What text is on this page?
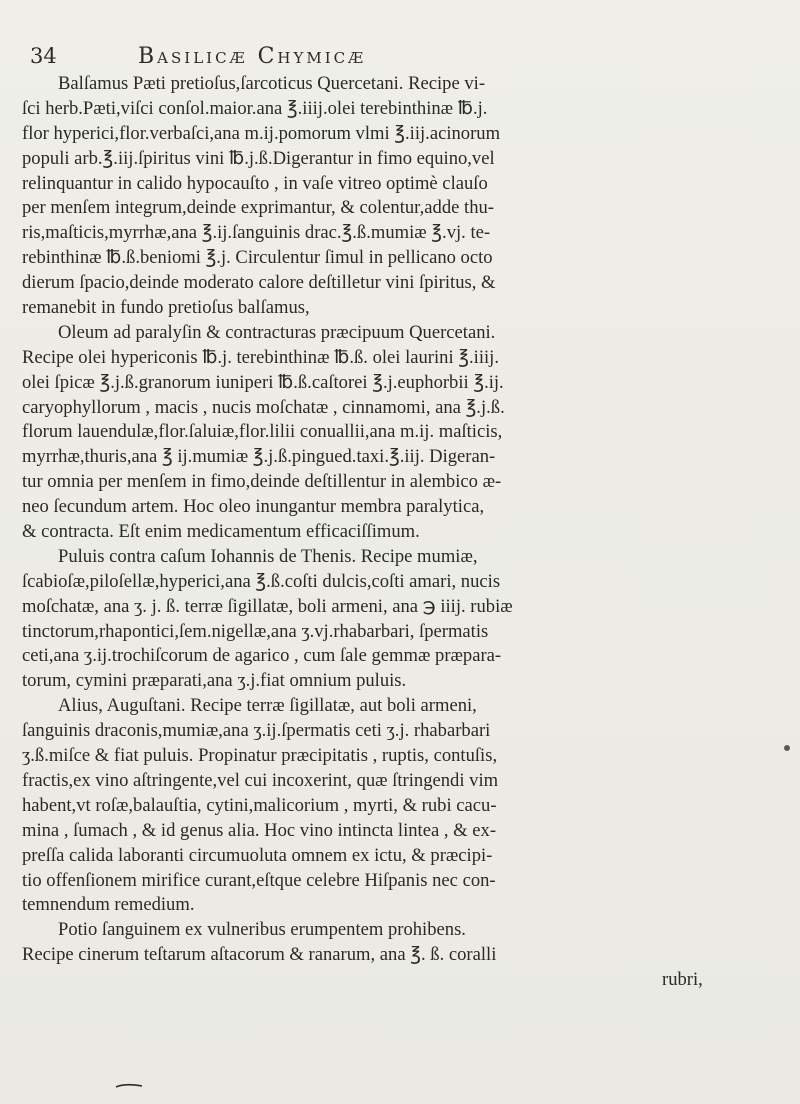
34	Basilicæ Chymicæ
Balſamus Pæti pretioſus,ſarcoticus Quercetani. Recipe vi-
ſci herb.Pæti,viſci conſol.maior.ana ℥.iiij.olei terebinthinæ ℔.j.
flor hyperici,flor.verbaſci,ana m.ij.pomorum vlmi ℥.iij.acinorum
populi arb.℥.iij.ſpiritus vini ℔.j.ß.Digerantur in fimo equino,vel
relinquantur in calido hypocauſto , in vaſe vitreo optimè clauſo
per menſem integrum,deinde exprimantur, & colentur,adde thu-
ris,maſticis,myrrhæ,ana ℥.ij.ſanguinis drac.℥.ß.mumiæ ℥.vj. te-
rebinthinæ ℔.ß.beniomi ℥.j. Circulentur ſimul in pellicano octo
dierum ſpacio,deinde moderato calore deſtilletur vini ſpiritus, &
remanebit in fundo pretioſus balſamus,
Oleum ad paralyſin & contracturas præcipuum Quercetani.
Recipe olei hypericonis ℔.j. terebinthinæ ℔.ß. olei laurini ℥.iiij.
olei ſpicæ ℥.j.ß.granorum iuniperi ℔.ß.caſtorei ℥.j.euphorbii ℥.ij.
caryophyllorum , macis , nucis moſchatæ , cinnamomi, ana ℥.j.ß.
florum lauendulæ,flor.ſaluiæ,flor.lilii conuallii,ana m.ij. maſticis,
myrrhæ,thuris,ana ℥ ij.mumiæ ℥.j.ß.pingued.taxi.℥.iij. Digeran-
tur omnia per menſem in fimo,deinde deſtillentur in alembico æ-
neo ſecundum artem. Hoc oleo inungantur membra paralytica,
& contracta. Eſt enim medicamentum efficaciſſimum.
Puluis contra caſum Iohannis de Thenis. Recipe mumiæ,
ſcabioſæ,piloſellæ,hyperici,ana ℥.ß.coſti dulcis,coſti amari, nucis
moſchatæ, ana ʒ. j. ß. terræ ſigillatæ, boli armeni, ana ℈ iiij. rubiæ
tinctorum,rhapontici,ſem.nigellæ,ana ʒ.vj.rhabarbari, ſpermatis
ceti,ana ʒ.ij.trochiſcorum de agarico , cum ſale gemmæ præpara-
torum, cymini præparati,ana ʒ.j.fiat omnium puluis.
Alius, Auguſtani. Recipe terræ ſigillatæ, aut boli armeni,
ſanguinis draconis,mumiæ,ana ʒ.ij.ſpermatis ceti ʒ.j. rhabarbari
ʒ.ß.miſce & fiat puluis. Propinatur præcipitatis , ruptis, contuſis,
fractis,ex vino aſtringente,vel cui incoxerint, quæ ſtringendi vim
habent,vt roſæ,balauſtia, cytini,malicorium , myrti, & rubi cacu-
mina , ſumach , & id genus alia. Hoc vino intincta lintea , & ex-
preſſa calida laboranti circumuoluta omnem ex ictu, & præcipi-
tio offenſionem mirifice curant,eſtque celebre Hiſpanis nec con-
temnendum remedium.
Potio ſanguinem ex vulneribus erumpentem prohibens.
Recipe cinerum teſtarum aſtacorum & ranarum, ana ℥. ß. coralli
rubri,
